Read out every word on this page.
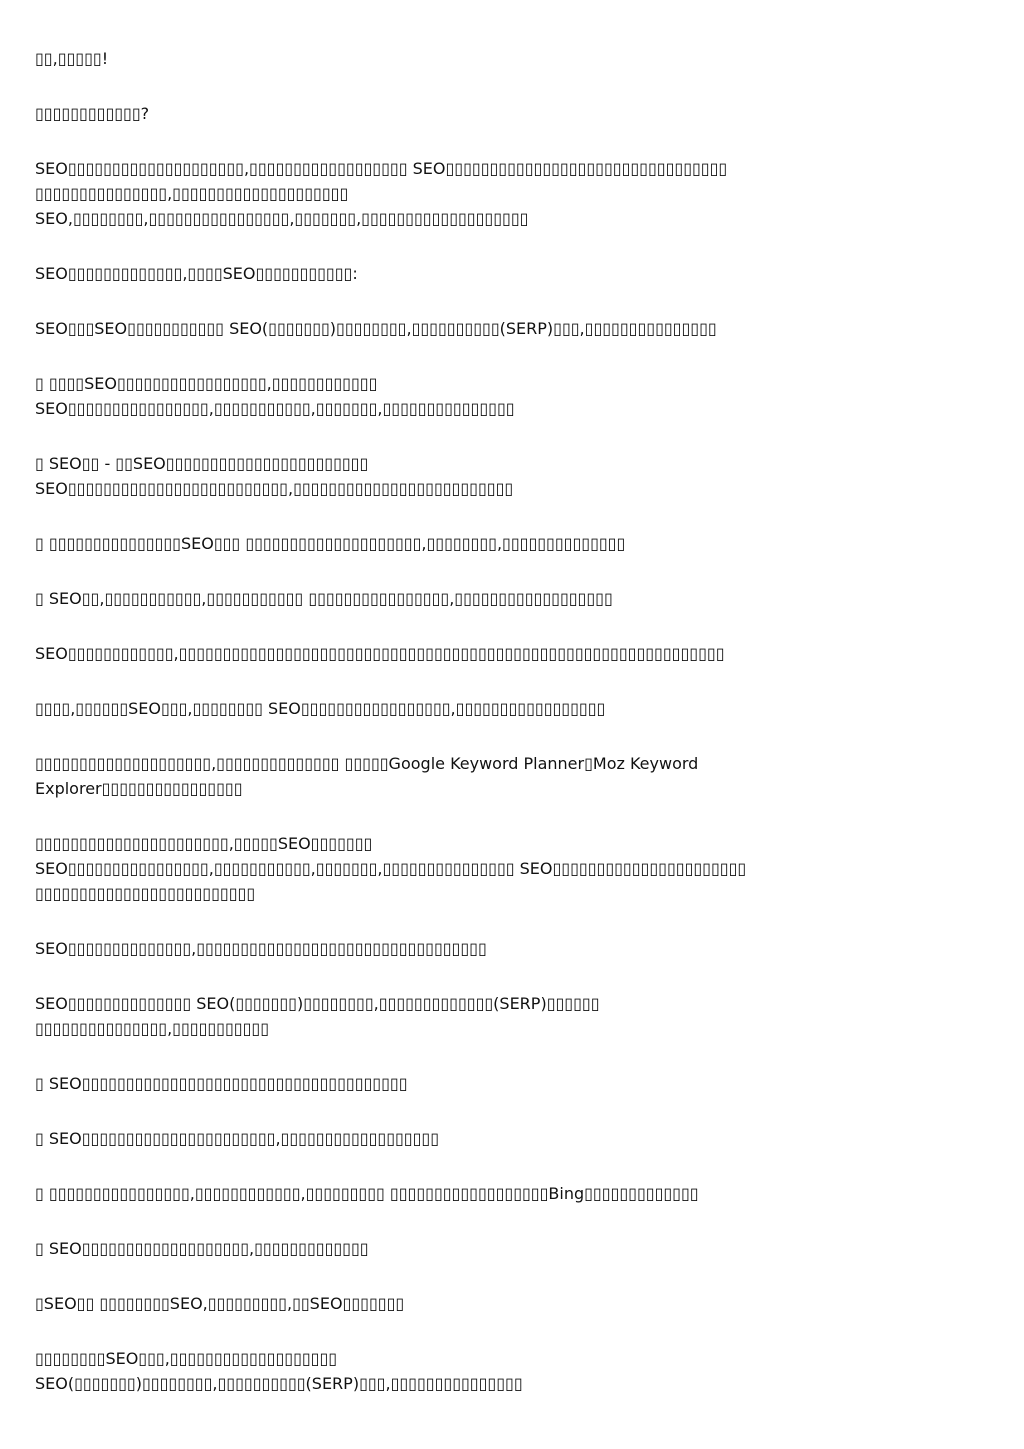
▯▯,▯▯▯▯▯!

▯▯▯▯▯▯▯▯▯▯▯▯?

SEO▯▯▯▯▯▯▯▯▯▯▯▯▯▯▯▯▯▯▯▯,▯▯▯▯▯▯▯▯▯▯▯▯▯▯▯▯▯▯ SEO▯▯▯▯▯▯▯▯▯▯▯▯▯▯▯▯▯▯▯▯▯▯▯▯▯▯▯▯▯▯▯▯
▯▯▯▯▯▯▯▯▯▯▯▯▯▯▯,▯▯▯▯▯▯▯▯▯▯▯▯▯▯▯▯▯▯▯▯
SEO,▯▯▯▯▯▯▯▯,▯▯▯▯▯▯▯▯▯▯▯▯▯▯▯▯,▯▯▯▯▯▯▯,▯▯▯▯▯▯▯▯▯▯▯▯▯▯▯▯▯▯▯

SEO▯▯▯▯▯▯▯▯▯▯▯▯▯,▯▯▯▯SEO▯▯▯▯▯▯▯▯▯▯▯:

SEO▯▯▯SEO▯▯▯▯▯▯▯▯▯▯▯ SEO(▯▯▯▯▯▯▯)▯▯▯▯▯▯▯▯,▯▯▯▯▯▯▯▯▯▯(SERP)▯▯▯,▯▯▯▯▯▯▯▯▯▯▯▯▯▯▯

▯ ▯▯▯▯SEO▯▯▯▯▯▯▯▯▯▯▯▯▯▯▯▯▯,▯▯▯▯▯▯▯▯▯▯▯▯
SEO▯▯▯▯▯▯▯▯▯▯▯▯▯▯▯▯,▯▯▯▯▯▯▯▯▯▯▯,▯▯▯▯▯▯▯,▯▯▯▯▯▯▯▯▯▯▯▯▯▯▯

▯ SEO▯▯ - ▯▯SEO▯▯▯▯▯▯▯▯▯▯▯▯▯▯▯▯▯▯▯▯▯▯▯
SEO▯▯▯▯▯▯▯▯▯▯▯▯▯▯▯▯▯▯▯▯▯▯▯▯▯,▯▯▯▯▯▯▯▯▯▯▯▯▯▯▯▯▯▯▯▯▯▯▯▯▯

▯ ▯▯▯▯▯▯▯▯▯▯▯▯▯▯▯SEO▯▯▯ ▯▯▯▯▯▯▯▯▯▯▯▯▯▯▯▯▯▯▯▯,▯▯▯▯▯▯▯▯,▯▯▯▯▯▯▯▯▯▯▯▯▯▯

▯ SEO▯▯,▯▯▯▯▯▯▯▯▯▯▯,▯▯▯▯▯▯▯▯▯▯▯ ▯▯▯▯▯▯▯▯▯▯▯▯▯▯▯▯,▯▯▯▯▯▯▯▯▯▯▯▯▯▯▯▯▯▯

SEO▯▯▯▯▯▯▯▯▯▯▯▯,▯▯▯▯▯▯▯▯▯▯▯▯▯▯▯▯▯▯▯▯▯▯▯▯▯▯▯▯▯▯▯▯▯▯▯▯▯▯▯▯▯▯▯▯▯▯▯▯▯▯▯▯▯▯▯▯▯▯▯▯▯▯

▯▯▯▯,▯▯▯▯▯▯SEO▯▯▯,▯▯▯▯▯▯▯▯ SEO▯▯▯▯▯▯▯▯▯▯▯▯▯▯▯▯▯,▯▯▯▯▯▯▯▯▯▯▯▯▯▯▯▯▯

▯▯▯▯▯▯▯▯▯▯▯▯▯▯▯▯▯▯▯▯,▯▯▯▯▯▯▯▯▯▯▯▯▯▯ ▯▯▯▯▯Google Keyword Planner▯Moz Keyword
Explorer▯▯▯▯▯▯▯▯▯▯▯▯▯▯▯▯

▯▯▯▯▯▯▯▯▯▯▯▯▯▯▯▯▯▯▯▯▯▯,▯▯▯▯▯SEO▯▯▯▯▯▯▯
SEO▯▯▯▯▯▯▯▯▯▯▯▯▯▯▯▯,▯▯▯▯▯▯▯▯▯▯▯,▯▯▯▯▯▯▯,▯▯▯▯▯▯▯▯▯▯▯▯▯▯▯ SEO▯▯▯▯▯▯▯▯▯▯▯▯▯▯▯▯▯▯▯▯▯▯
▯▯▯▯▯▯▯▯▯▯▯▯▯▯▯▯▯▯▯▯▯▯▯▯▯

SEO▯▯▯▯▯▯▯▯▯▯▯▯▯▯,▯▯▯▯▯▯▯▯▯▯▯▯▯▯▯▯▯▯▯▯▯▯▯▯▯▯▯▯▯▯▯▯▯

SEO▯▯▯▯▯▯▯▯▯▯▯▯▯▯ SEO(▯▯▯▯▯▯▯)▯▯▯▯▯▯▯▯,▯▯▯▯▯▯▯▯▯▯▯▯▯(SERP)▯▯▯▯▯▯
▯▯▯▯▯▯▯▯▯▯▯▯▯▯▯,▯▯▯▯▯▯▯▯▯▯▯

▯ SEO▯▯▯▯▯▯▯▯▯▯▯▯▯▯▯▯▯▯▯▯▯▯▯▯▯▯▯▯▯▯▯▯▯▯▯▯▯

▯ SEO▯▯▯▯▯▯▯▯▯▯▯▯▯▯▯▯▯▯▯▯▯▯,▯▯▯▯▯▯▯▯▯▯▯▯▯▯▯▯▯▯

▯ ▯▯▯▯▯▯▯▯▯▯▯▯▯▯▯▯,▯▯▯▯▯▯▯▯▯▯▯▯,▯▯▯▯▯▯▯▯▯ ▯▯▯▯▯▯▯▯▯▯▯▯▯▯▯▯▯▯Bing▯▯▯▯▯▯▯▯▯▯▯▯▯

▯ SEO▯▯▯▯▯▯▯▯▯▯▯▯▯▯▯▯▯▯▯,▯▯▯▯▯▯▯▯▯▯▯▯▯

▯SEO▯▯ ▯▯▯▯▯▯▯▯SEO,▯▯▯▯▯▯▯▯▯,▯▯SEO▯▯▯▯▯▯▯

▯▯▯▯▯▯▯▯SEO▯▯▯,▯▯▯▯▯▯▯▯▯▯▯▯▯▯▯▯▯▯▯
SEO(▯▯▯▯▯▯▯)▯▯▯▯▯▯▯▯,▯▯▯▯▯▯▯▯▯▯(SERP)▯▯▯,▯▯▯▯▯▯▯▯▯▯▯▯▯▯▯
